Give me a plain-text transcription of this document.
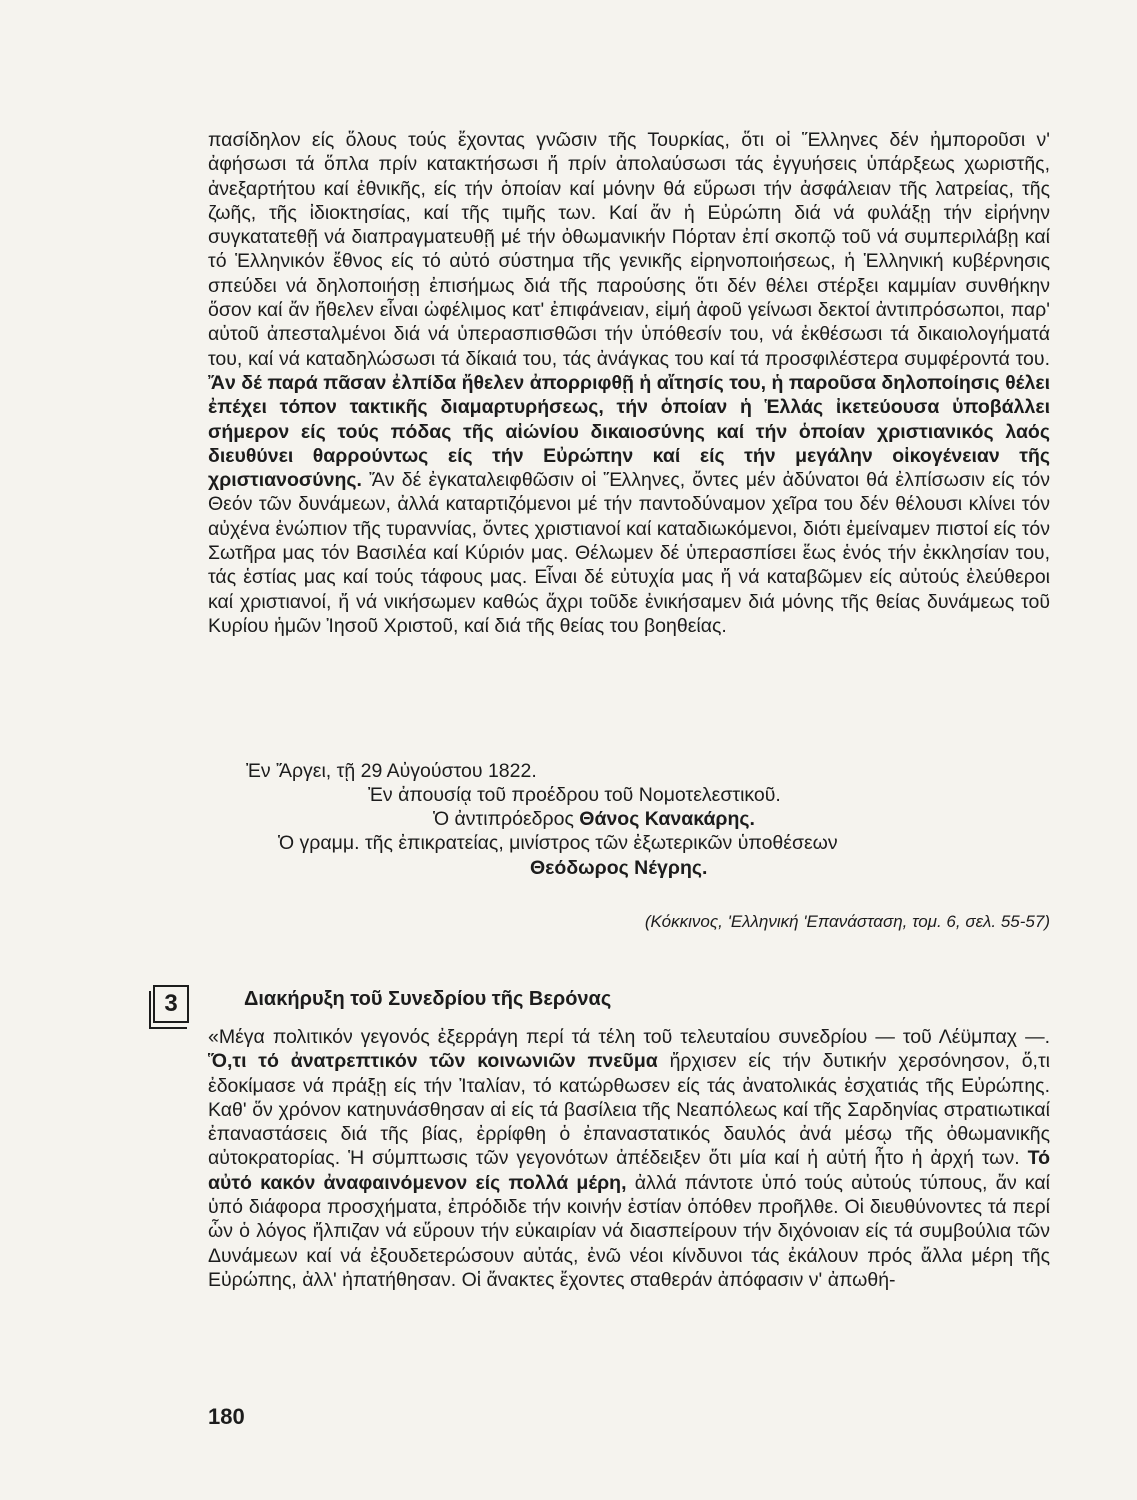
πασίδηλον είς ὅλους τούς ἔχοντας γνῶσιν τῆς Τουρκίας, ὅτι οἱ Ἕλληνες δέν ἠμποροῦσι ν' ἀφήσωσι τά ὅπλα πρίν κατακτήσωσι ἤ πρίν ἀπολαύσωσι τάς ἐγγυήσεις ὑπάρξεως χωριστῆς, ἀνεξαρτήτου καί ἐθνικῆς, είς τήν ὁποίαν καί μόνην θά εὕρωσι τήν ἀσφάλειαν τῆς λατρείας, τῆς ζωῆς, τῆς ἰδιοκτησίας, καί τῆς τιμῆς των. Καί ἄν ἡ Εὐρώπη διά νά φυλάξῃ τήν εἰρήνην συγκατατεθῇ νά διαπραγματευθῇ μέ τήν ὀθωμανικήν Πόρταν ἐπί σκοπῷ τοῦ νά συμπεριλάβῃ καί τό Ἑλληνικόν ἔθνος είς τό αὐτό σύστημα τῆς γενικῆς εἰρηνοποιήσεως, ἡ Ἑλληνική κυβέρνησις σπεύδει νά δηλοποιήσῃ ἐπισήμως διά τῆς παρούσης ὅτι δέν θέλει στέρξει καμμίαν συνθήκην ὅσον καί ἄν ἤθελεν εἶναι ὠφέλιμος κατ' ἐπιφάνειαν, εἰμή ἀφοῦ γείνωσι δεκτοί ἀντιπρόσωποι, παρ' αὐτοῦ ἀπεσταλμένοι διά νά ὑπερασπισθῶσι τήν ὑπόθεσίν του, νά ἐκθέσωσι τά δικαιολογήματά του, καί νά καταδηλώσωσι τά δίκαιά του, τάς ἀνάγκας του καί τά προσφιλέστερα συμφέροντά του. Ἄν δέ παρά πᾶσαν ἐλπίδα ἤθελεν ἀπορριφθῇ ἡ αἴτησίς του, ἡ παροῦσα δηλοποίησις θέλει ἐπέχει τόπον τακτικῆς διαμαρτυρήσεως, τήν ὁποίαν ἡ Ἑλλάς ἰκετεύουσα ὑποβάλλει σήμερον είς τούς πόδας τῆς αἰώνίου δικαιοσύνης καί τήν ὁποίαν χριστιανικός λαός διευθύνει θαρρούντως είς τήν Εὐρώπην καί είς τήν μεγάλην οἰκογένειαν τῆς χριστιανοσύνης. Ἄν δέ ἐγκαταλειφθῶσιν οἱ Ἕλληνες, ὄντες μέν ἀδύνατοι θά ἐλπίσωσιν είς τόν Θεόν τῶν δυνάμεων, ἀλλά καταρτιζόμενοι μέ τήν παντοδύναμον χεῖρα του δέν θέλουσι κλίνει τόν αὐχένα ἐνώπιον τῆς τυραννίας, ὄντες χριστιανοί καί καταδιωκόμενοι, διότι ἐμείναμεν πιστοί είς τόν Σωτῆρα μας τόν Βασιλέα καί Κύριόν μας. Θέλωμεν δέ ὑπερασπίσει ἕως ἑνός τήν ἐκκλησίαν του, τάς ἑστίας μας καί τούς τάφους μας. Εἶναι δέ εὐτυχία μας ἤ νά καταβῶμεν είς αὐτούς ἐλεύθεροι καί χριστιανοί, ἤ νά νικήσωμεν καθώς ἄχρι τοῦδε ἐνικήσαμεν διά μόνης τῆς θείας δυνάμεως τοῦ Κυρίου ἡμῶν Ἰησοῦ Χριστοῦ, καί διά τῆς θείας του βοηθείας.

Ἐν Ἄργει, τῇ 29 Αὐγούστου 1822.
Ἐν ἀπουσίᾳ τοῦ προέδρου τοῦ Νομοτελεστικοῦ.
Ὁ ἀντιπρόεδρος Θάνος Κανακάρης.
Ὁ γραμμ. τῆς ἐπικρατείας, μινίστρος τῶν ἐξωτερικῶν ὑποθέσεων
Θεόδωρος Νέγρης.
(Κόκκινος, 'Ελληνική 'Επανάσταση, τομ. 6, σελ. 55-57)
3	Διακήρυξη τοῦ Συνεδρίου τῆς Βερόνας

«Μέγα πολιτικόν γεγονός ἐξερράγη περί τά τέλη τοῦ τελευταίου συνεδρίου — τοῦ Λέϋμπαχ —. Ὅ,τι τό ἀνατρεπτικόν τῶν κοινωνιῶν πνεῦμα ἤρχισεν είς τήν δυτικήν χερσόνησον, ὅ,τι ἐδοκίμασε νά πράξῃ είς τήν Ἰταλίαν, τό κατώρθωσεν είς τάς ἀνατολικάς ἐσχατιάς τῆς Εὐρώπης. Καθ' ὅν χρόνον κατηυνάσθησαν αἱ είς τά βασίλεια τῆς Νεαπόλεως καί τῆς Σαρδηνίας στρατιωτικαί ἐπαναστάσεις διά τῆς βίας, ἐρρίφθη ὁ ἐπαναστατικός δαυλός ἀνά μέσῳ τῆς ὀθωμανικῆς αὐτοκρατορίας. Ἡ σύμπτωσις τῶν γεγονότων ἀπέδειξεν ὅτι μία καί ἡ αὐτή ἦτο ἡ ἀρχή των. Τό αὐτό κακόν ἀναφαινόμενον είς πολλά μέρη, ἀλλά πάντοτε ὑπό τούς αὐτούς τύπους, ἄν καί ὑπό διάφορα προσχήματα, ἐπρόδιδε τήν κοινήν ἑστίαν ὁπόθεν προῆλθε. Οἱ διευθύνοντες τά περί ὧν ὁ λόγος ἤλπιζαν νά εὕρουν τήν εὐκαιρίαν νά διασπείρουν τήν διχόνοιαν είς τά συμβούλια τῶν Δυνάμεων καί νά ἐξουδετερώσουν αὐτάς, ἐνῶ νέοι κίνδυνοι τάς ἐκάλουν πρός ἄλλα μέρη τῆς Εὐρώπης, ἀλλ' ἠπατήθησαν. Οἱ ἄνακτες ἔχοντες σταθεράν ἀπόφασιν ν' ἀπωθή-

180
